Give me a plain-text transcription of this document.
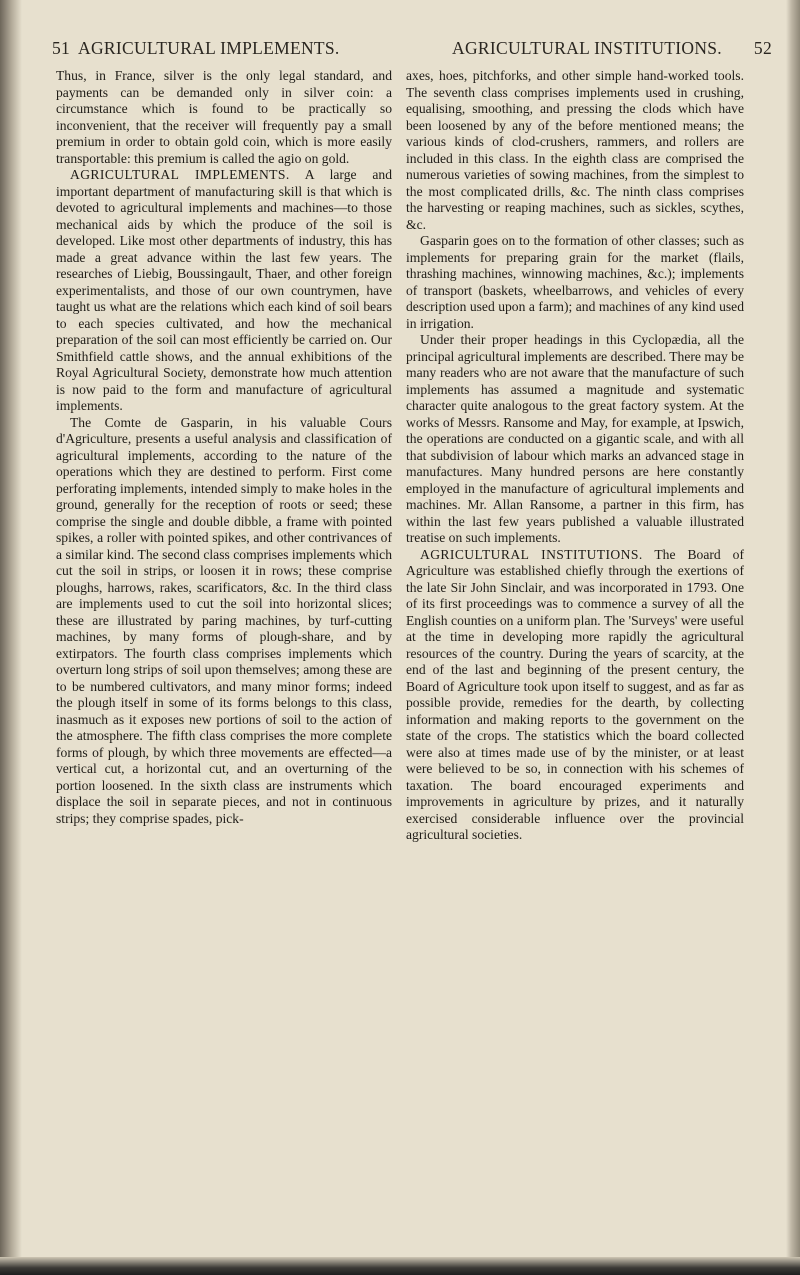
51 AGRICULTURAL IMPLEMENTS.	AGRICULTURAL INSTITUTIONS. 52

Thus, in France, silver is the only legal standard, and payments can be demanded only in silver coin: a circumstance which is found to be practically so inconvenient, that the receiver will frequently pay a small premium in order to obtain gold coin, which is more easily transportable: this premium is called the agio on gold.

AGRICULTURAL IMPLEMENTS. A large and important department of manufacturing skill is that which is devoted to agricultural implements and machines—to those mechanical aids by which the produce of the soil is developed. Like most other departments of industry, this has made a great advance within the last few years. The researches of Liebig, Boussingault, Thaer, and other foreign experimentalists, and those of our own countrymen, have taught us what are the relations which each kind of soil bears to each species cultivated, and how the mechanical preparation of the soil can most efficiently be carried on. Our Smithfield cattle shows, and the annual exhibitions of the Royal Agricultural Society, demonstrate how much attention is now paid to the form and manufacture of agricultural implements.

The Comte de Gasparin, in his valuable Cours d'Agriculture, presents a useful analysis and classification of agricultural implements, according to the nature of the operations which they are destined to perform. First come perforating implements, intended simply to make holes in the ground, generally for the reception of roots or seed; these comprise the single and double dibble, a frame with pointed spikes, a roller with pointed spikes, and other contrivances of a similar kind. The second class comprises implements which cut the soil in strips, or loosen it in rows; these comprise ploughs, harrows, rakes, scarificators, &c. In the third class are implements used to cut the soil into horizontal slices; these are illustrated by paring machines, by turf-cutting machines, by many forms of plough-share, and by extirpators. The fourth class comprises implements which overturn long strips of soil upon themselves; among these are to be numbered cultivators, and many minor forms; indeed the plough itself in some of its forms belongs to this class, inasmuch as it exposes new portions of soil to the action of the atmosphere. The fifth class comprises the more complete forms of plough, by which three movements are effected—a vertical cut, a horizontal cut, and an overturning of the portion loosened. In the sixth class are instruments which displace the soil in separate pieces, and not in continuous strips; they comprise spades, pick-

axes, hoes, pitchforks, and other simple hand-worked tools. The seventh class comprises implements used in crushing, equalising, smoothing, and pressing the clods which have been loosened by any of the before mentioned means; the various kinds of clod-crushers, rammers, and rollers are included in this class. In the eighth class are comprised the numerous varieties of sowing machines, from the simplest to the most complicated drills, &c. The ninth class comprises the harvesting or reaping machines, such as sickles, scythes, &c.

Gasparin goes on to the formation of other classes; such as implements for preparing grain for the market (flails, thrashing machines, winnowing machines, &c.); implements of transport (baskets, wheelbarrows, and vehicles of every description used upon a farm); and machines of any kind used in irrigation.

Under their proper headings in this Cyclopædia, all the principal agricultural implements are described. There may be many readers who are not aware that the manufacture of such implements has assumed a magnitude and systematic character quite analogous to the great factory system. At the works of Messrs. Ransome and May, for example, at Ipswich, the operations are conducted on a gigantic scale, and with all that subdivision of labour which marks an advanced stage in manufactures. Many hundred persons are here constantly employed in the manufacture of agricultural implements and machines. Mr. Allan Ransome, a partner in this firm, has within the last few years published a valuable illustrated treatise on such implements.

AGRICULTURAL INSTITUTIONS. The Board of Agriculture was established chiefly through the exertions of the late Sir John Sinclair, and was incorporated in 1793. One of its first proceedings was to commence a survey of all the English counties on a uniform plan. The 'Surveys' were useful at the time in developing more rapidly the agricultural resources of the country. During the years of scarcity, at the end of the last and beginning of the present century, the Board of Agriculture took upon itself to suggest, and as far as possible provide, remedies for the dearth, by collecting information and making reports to the government on the state of the crops. The statistics which the board collected were also at times made use of by the minister, or at least were believed to be so, in connection with his schemes of taxation. The board encouraged experiments and improvements in agriculture by prizes, and it naturally exercised considerable influence over the provincial agricultural societies.
